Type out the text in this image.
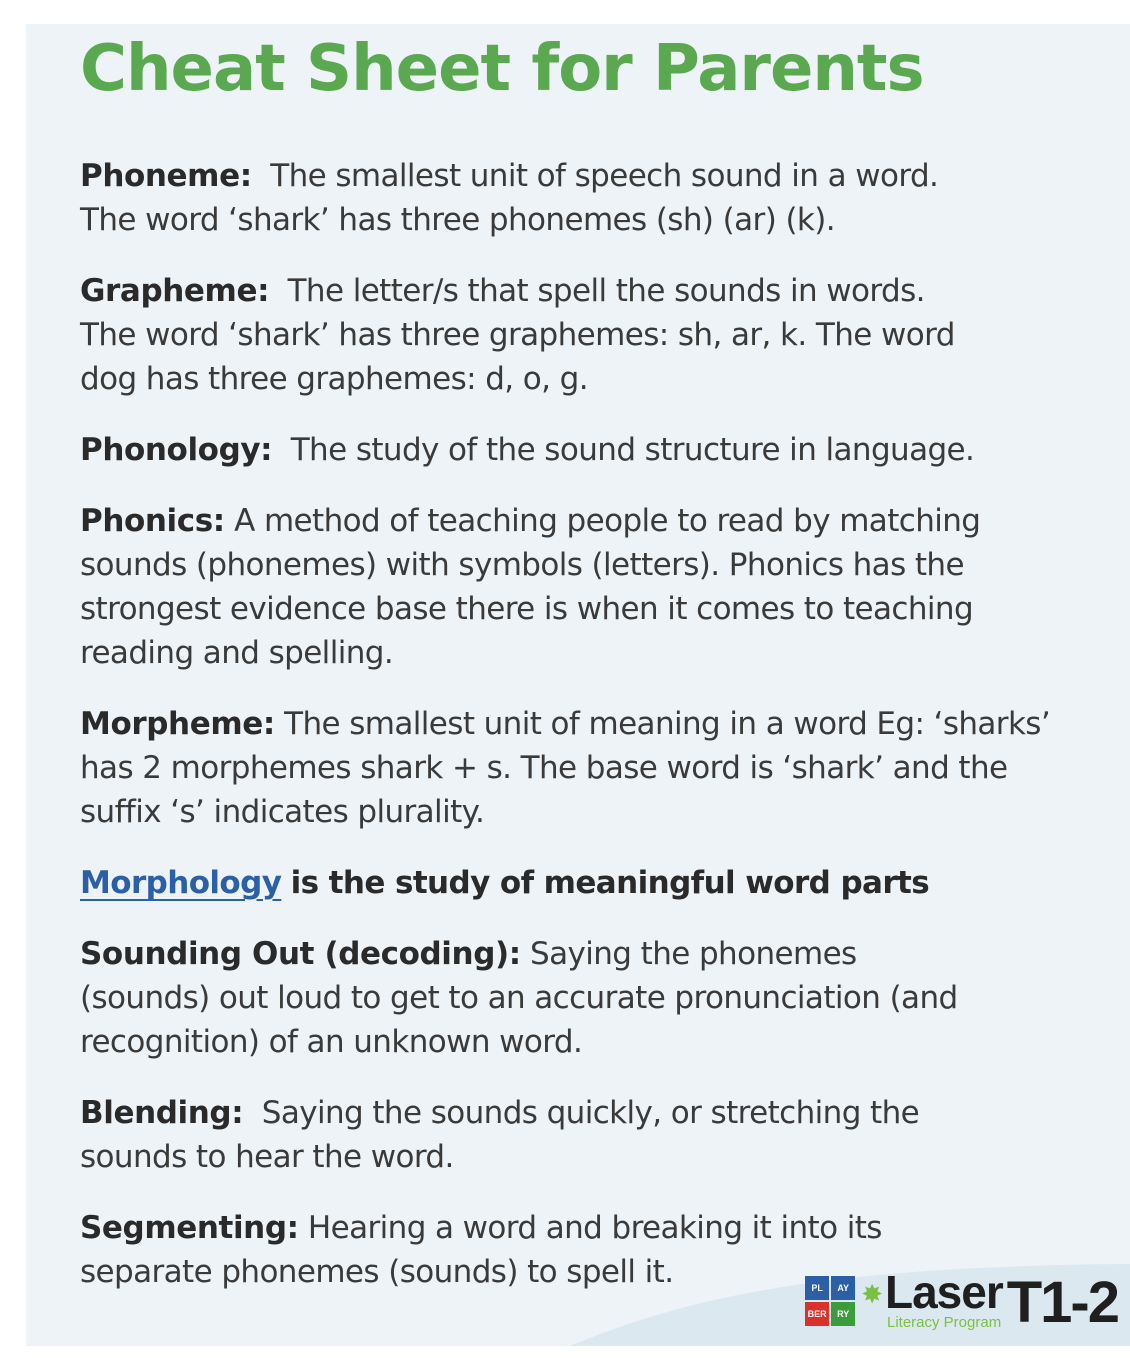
Cheat Sheet for Parents

Phoneme: The smallest unit of speech sound in a word.
The word ‘shark’ has three phonemes (sh) (ar) (k).

Grapheme: The letter/s that spell the sounds in words.
The word ‘shark’ has three graphemes: sh, ar, k. The word
dog has three graphemes: d, o, g.

Phonology: The study of the sound structure in language.

Phonics: A method of teaching people to read by matching
sounds (phonemes) with symbols (letters). Phonics has the
strongest evidence base there is when it comes to teaching
reading and spelling.

Morpheme: The smallest unit of meaning in a word Eg: ‘sharks’
has 2 morphemes shark + s. The base word is ‘shark’ and the
suffix ‘s’ indicates plurality.

Morphology is the study of meaningful word parts

Sounding Out (decoding): Saying the phonemes
(sounds) out loud to get to an accurate pronunciation (and
recognition) of an unknown word.

Blending: Saying the sounds quickly, or stretching the
sounds to hear the word.

Segmenting: Hearing a word and breaking it into its
separate phonemes (sounds) to spell it.	PL	AY
BER	RY
✸ Laser
Literacy Program T1-2
